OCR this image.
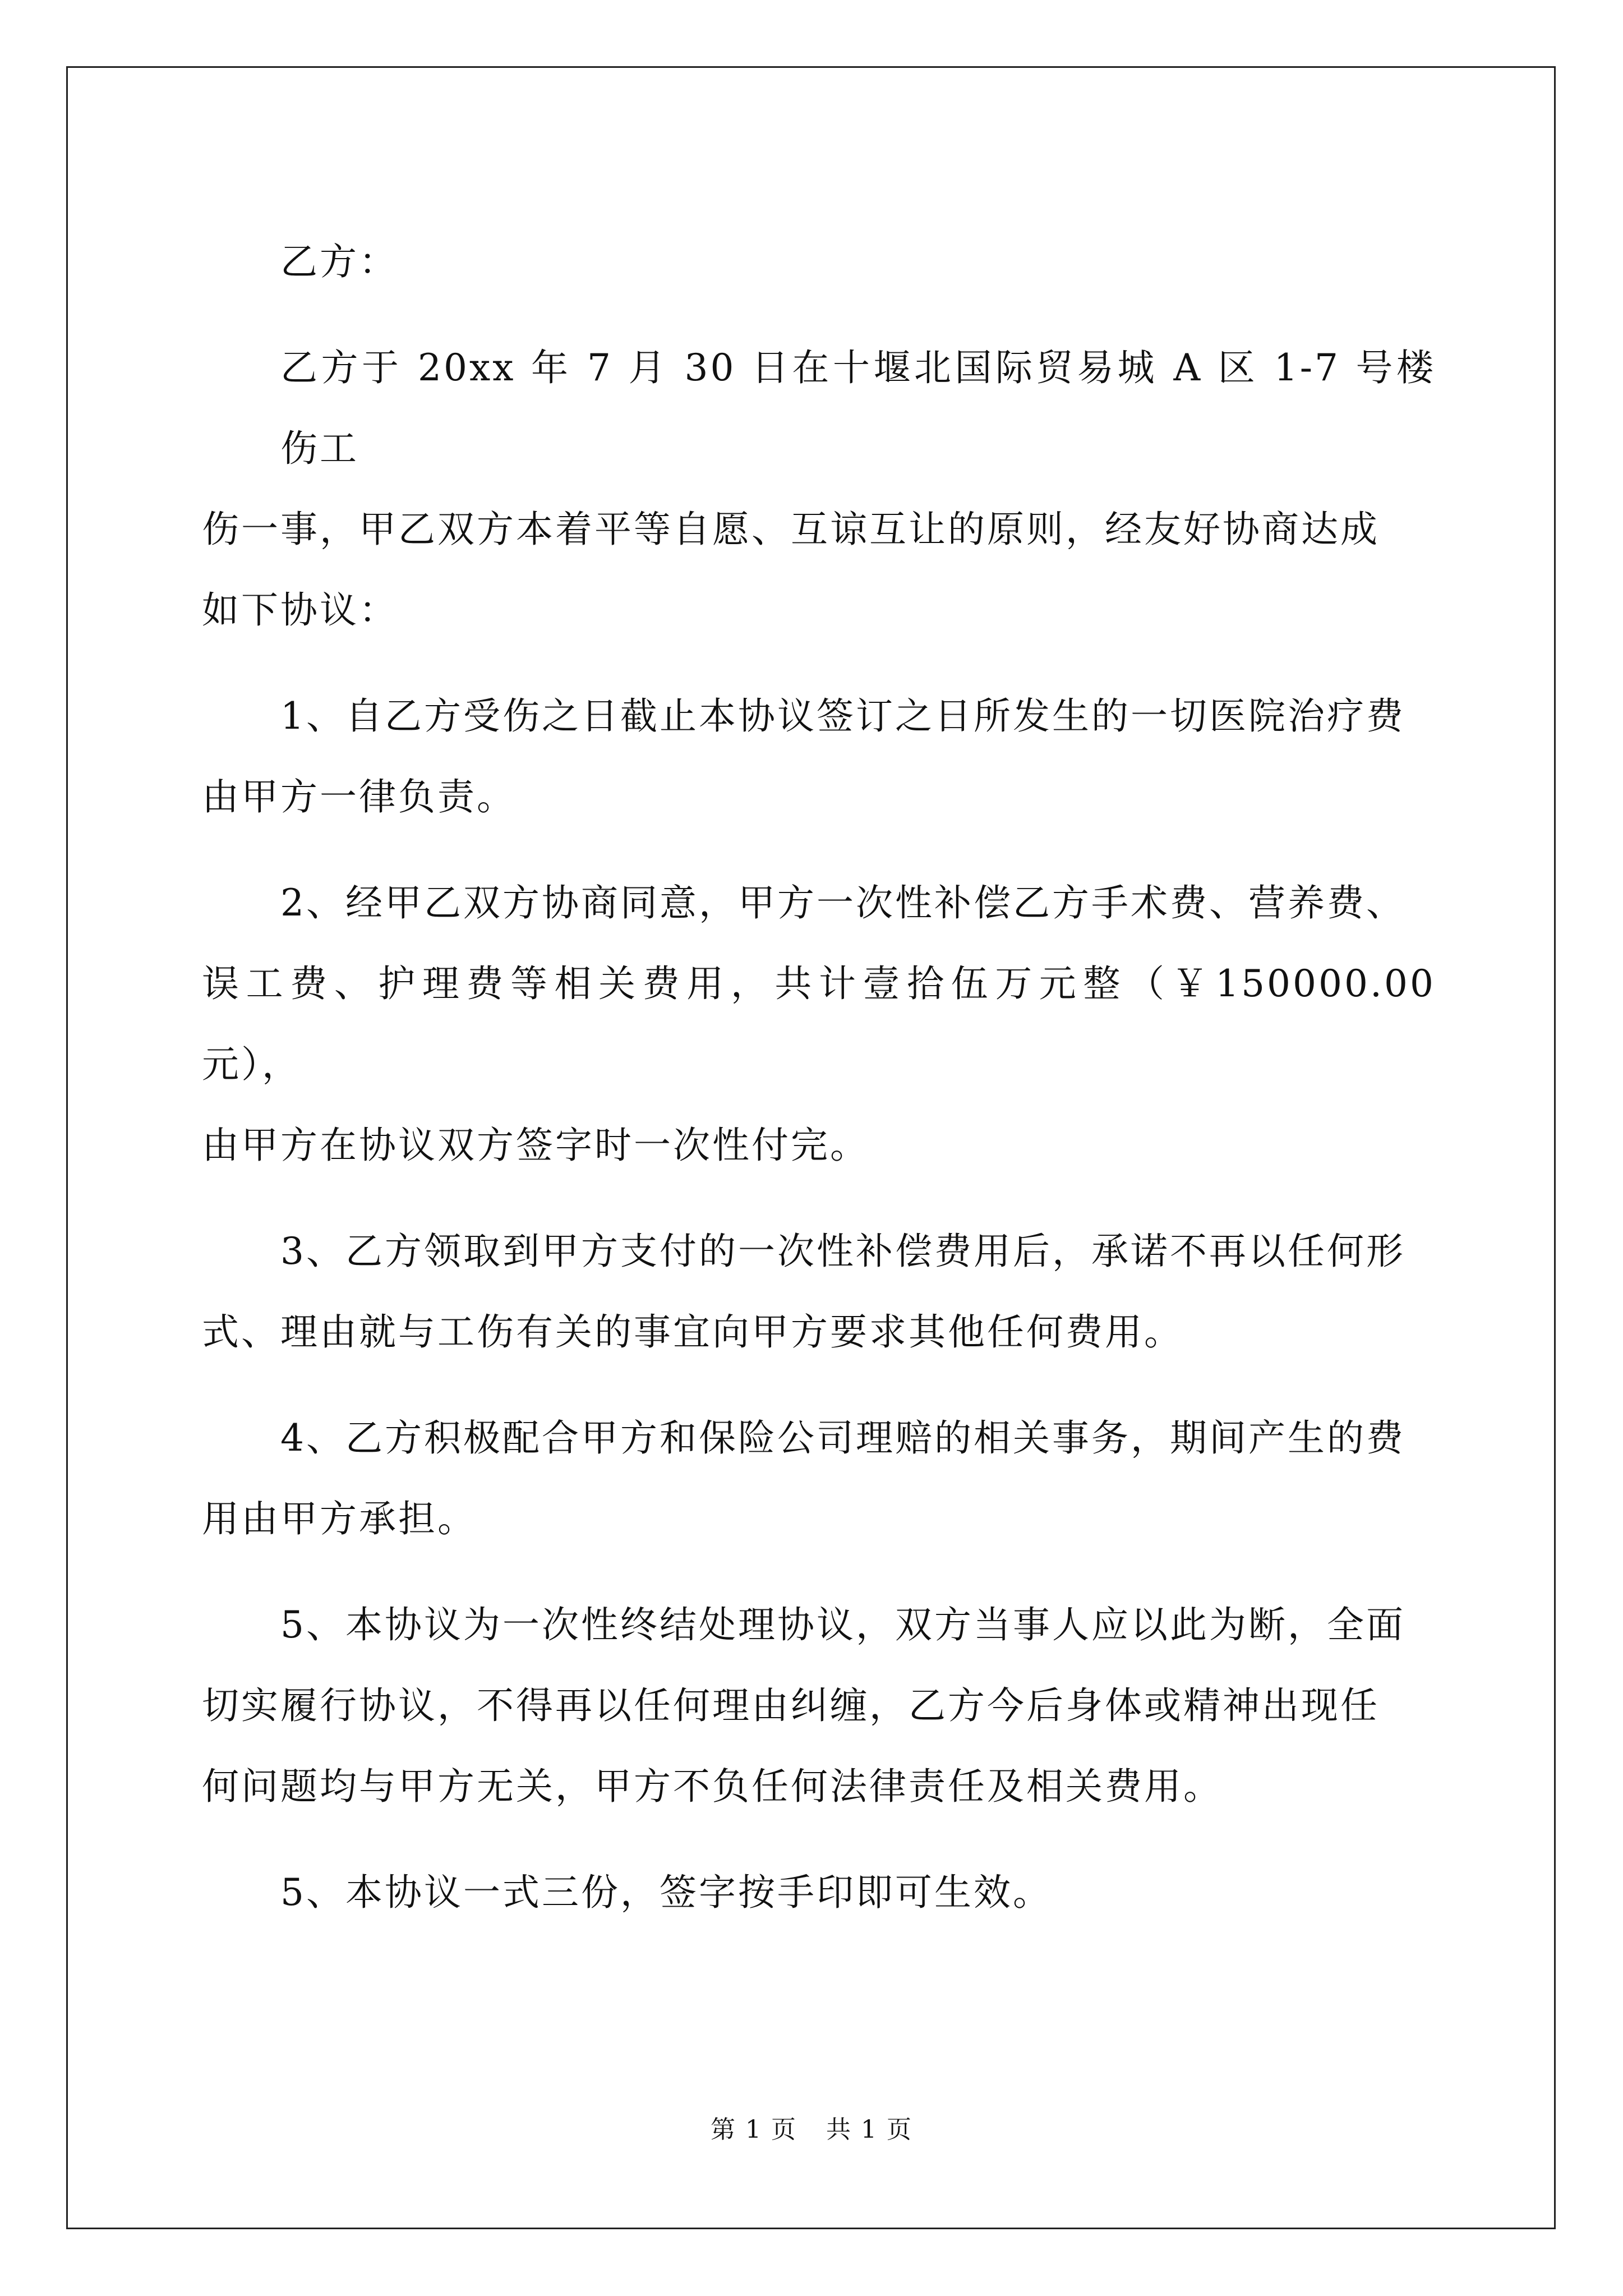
乙方：
乙方于 20xx 年 7 月 30 日在十堰北国际贸易城 A 区 1-7 号楼伤工
伤一事，甲乙双方本着平等自愿、互谅互让的原则，经友好协商达成
如下协议：
1、自乙方受伤之日截止本协议签订之日所发生的一切医院治疗费
由甲方一律负责。
2、经甲乙双方协商同意，甲方一次性补偿乙方手术费、营养费、
误工费、护理费等相关费用，共计壹拾伍万元整（￥150000.00 元），
由甲方在协议双方签字时一次性付完。
3、乙方领取到甲方支付的一次性补偿费用后，承诺不再以任何形
式、理由就与工伤有关的事宜向甲方要求其他任何费用。
4、乙方积极配合甲方和保险公司理赔的相关事务，期间产生的费
用由甲方承担。
5、本协议为一次性终结处理协议，双方当事人应以此为断，全面
切实履行协议，不得再以任何理由纠缠，乙方今后身体或精神出现任
何问题均与甲方无关，甲方不负任何法律责任及相关费用。
5、本协议一式三份，签字按手印即可生效。
第 1 页 共 1 页
